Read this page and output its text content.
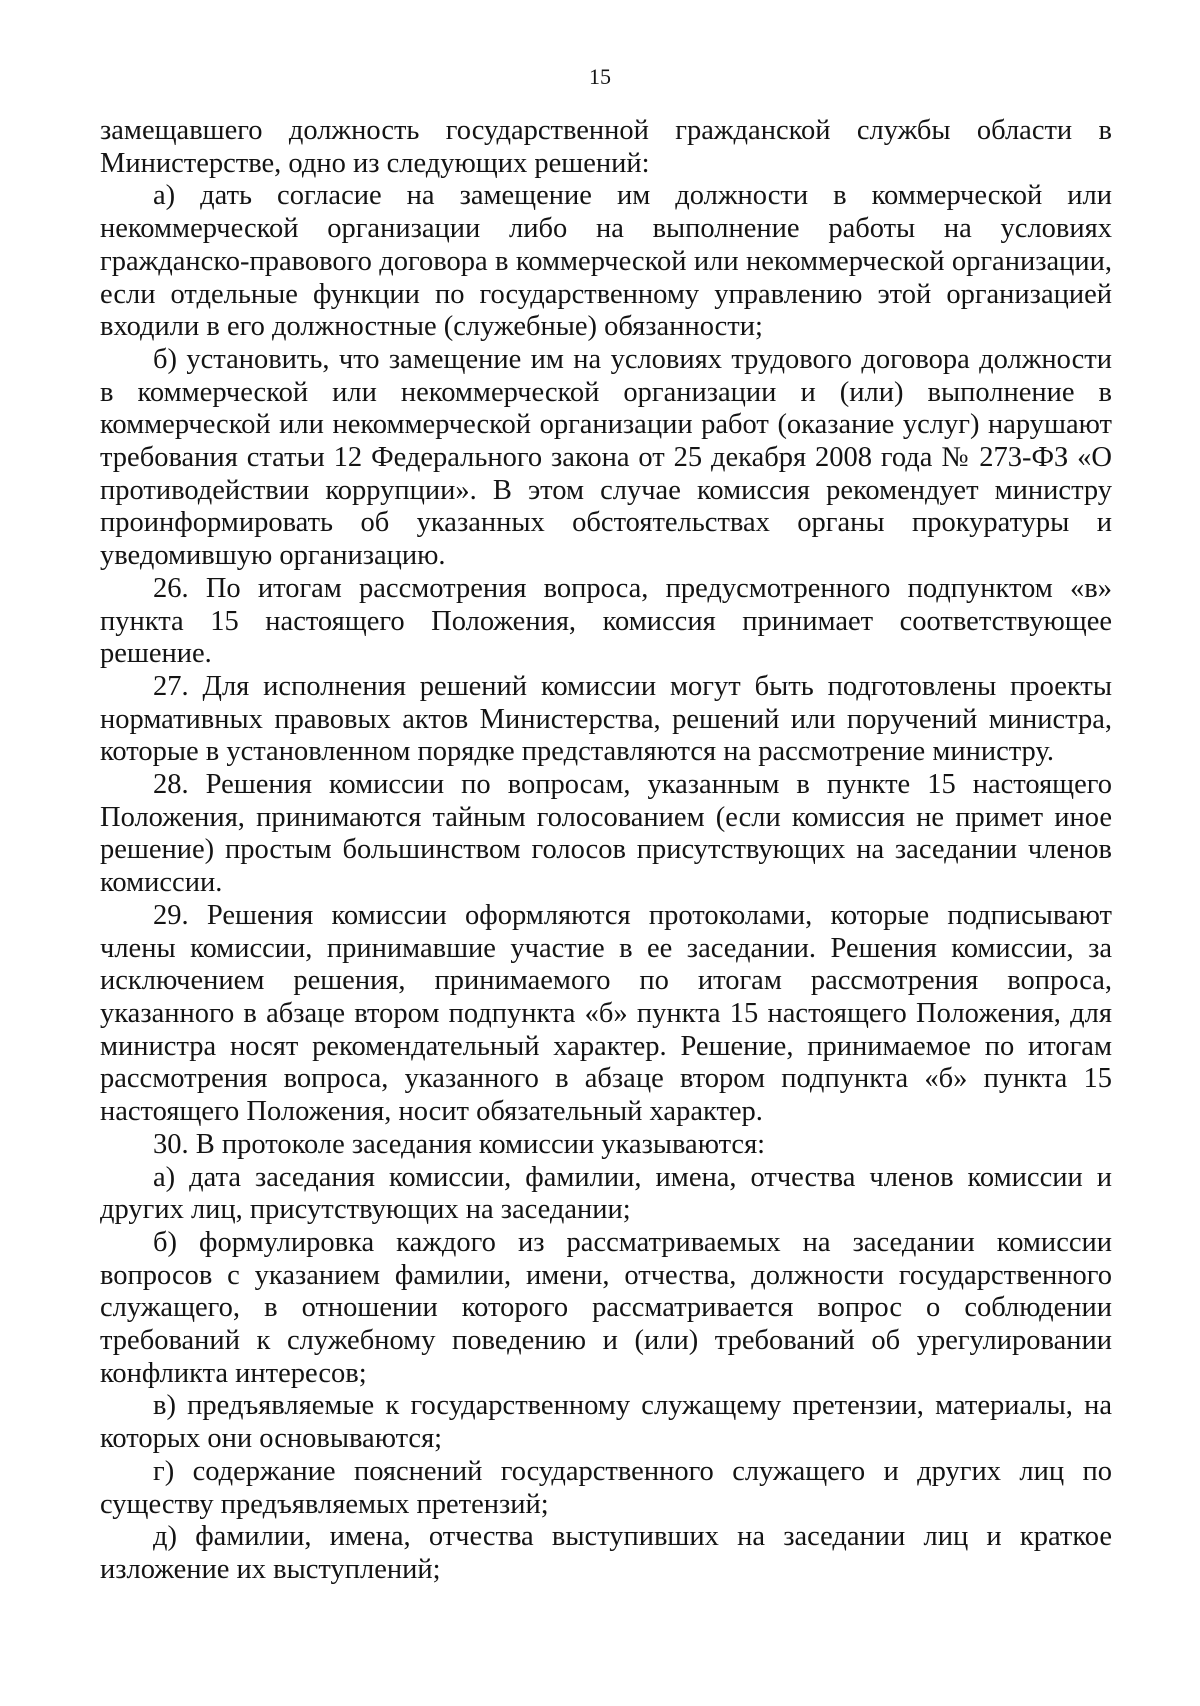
15

замещавшего должность государственной гражданской службы области в Министерстве, одно из следующих решений:

а) дать согласие на замещение им должности в коммерческой или некоммерческой организации либо на выполнение работы на условиях гражданско-правового договора в коммерческой или некоммерческой организации, если отдельные функции по государственному управлению этой организацией входили в его должностные (служебные) обязанности;

б) установить, что замещение им на условиях трудового договора должности в коммерческой или некоммерческой организации и (или) выполнение в коммерческой или некоммерческой организации работ (оказание услуг) нарушают требования статьи 12 Федерального закона от 25 декабря 2008 года № 273-ФЗ «О противодействии коррупции». В этом случае комиссия рекомендует министру проинформировать об указанных обстоятельствах органы прокуратуры и уведомившую организацию.

26. По итогам рассмотрения вопроса, предусмотренного подпунктом «в» пункта 15 настоящего Положения, комиссия принимает соответствующее решение.

27. Для исполнения решений комиссии могут быть подготовлены проекты нормативных правовых актов Министерства, решений или поручений министра, которые в установленном порядке представляются на рассмотрение министру.

28. Решения комиссии по вопросам, указанным в пункте 15 настоящего Положения, принимаются тайным голосованием (если комиссия не примет иное решение) простым большинством голосов присутствующих на заседании членов комиссии.

29. Решения комиссии оформляются протоколами, которые подписывают члены комиссии, принимавшие участие в ее заседании. Решения комиссии, за исключением решения, принимаемого по итогам рассмотрения вопроса, указанного в абзаце втором подпункта «б» пункта 15 настоящего Положения, для министра носят рекомендательный характер. Решение, принимаемое по итогам рассмотрения вопроса, указанного в абзаце втором подпункта «б» пункта 15 настоящего Положения, носит обязательный характер.

30. В протоколе заседания комиссии указываются:

а) дата заседания комиссии, фамилии, имена, отчества членов комиссии и других лиц, присутствующих на заседании;

б) формулировка каждого из рассматриваемых на заседании комиссии вопросов с указанием фамилии, имени, отчества, должности государственного служащего, в отношении которого рассматривается вопрос о соблюдении требований к служебному поведению и (или) требований об урегулировании конфликта интересов;

в) предъявляемые к государственному служащему претензии, материалы, на которых они основываются;

г) содержание пояснений государственного служащего и других лиц по существу предъявляемых претензий;

д) фамилии, имена, отчества выступивших на заседании лиц и краткое изложение их выступлений;
